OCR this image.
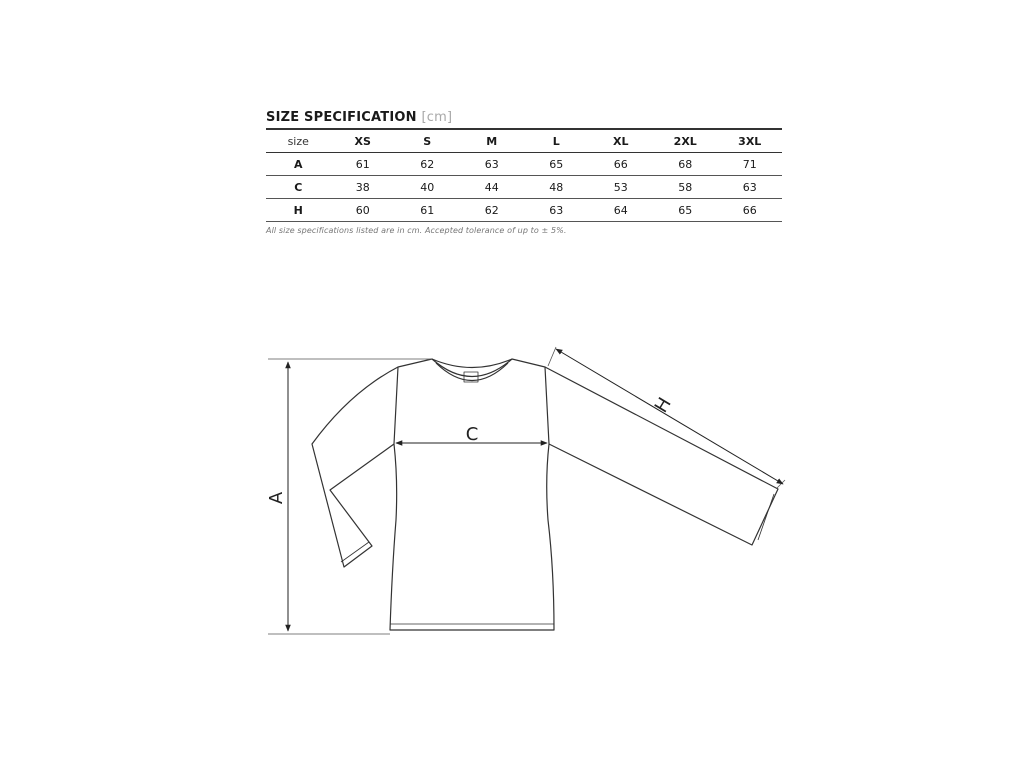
SIZE SPECIFICATION [cm]
size	XS	S	M	L	XL	2XL	3XL
A	61	62	63	65	66	68	71
C	38	40	44	48	53	58	63
H	60	61	62	63	64	65	66
All size specifications listed are in cm. Accepted tolerance of up to ± 5%.
A
C
H
